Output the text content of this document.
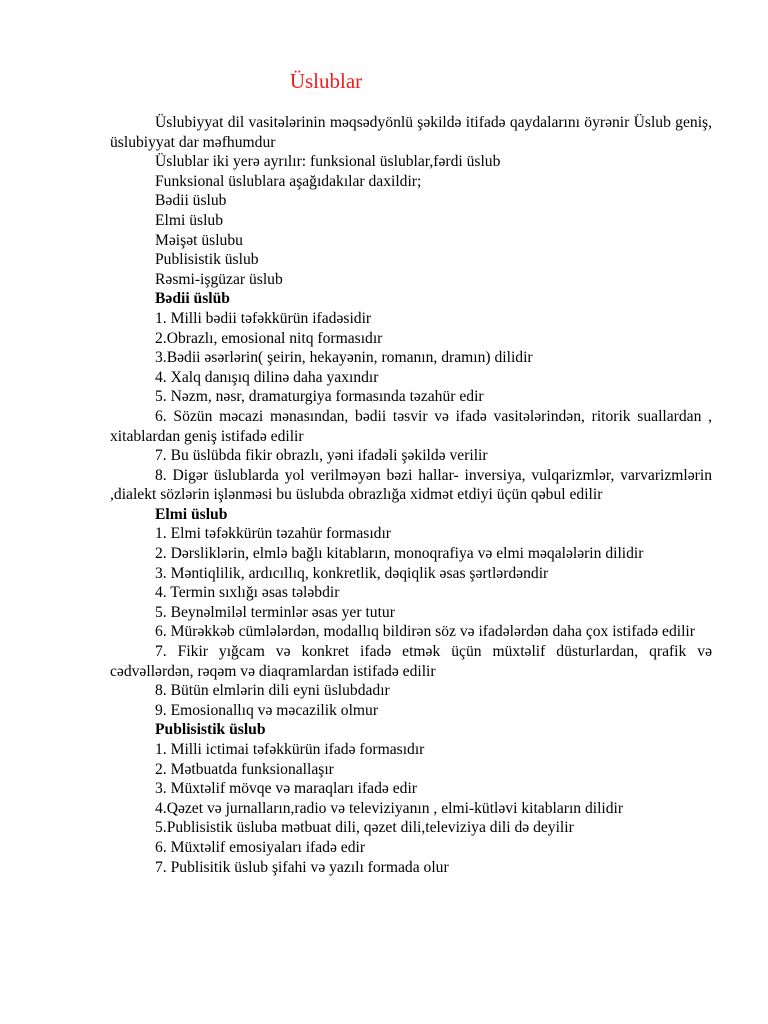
Üslublar

Üslubiyyat dil vasitələrinin məqsədyönlü şəkildə itifadə qaydalarını öyrənir Üslub geniş, üslubiyyat dar məfhumdur

Üslublar iki yerə ayrılır: funksional üslublar,fərdi üslub

Funksional üslublara aşağıdakılar daxildir;

Bədii üslub

Elmi üslub

Məişət üslubu

Publisistik üslub

Rəsmi-işgüzar üslub

Bədii üslüb

1. Milli bədii təfəkkürün ifadəsidir

2.Obrazlı, emosional nitq formasıdır

3.Bədii əsərlərin( şeirin, hekayənin, romanın, dramın) dilidir

4. Xalq danışıq dilinə daha yaxındır

5. Nəzm, nəsr, dramaturgiya formasında təzahür edir

6. Sözün məcazi mənasından, bədii təsvir və ifadə vasitələrindən, ritorik suallardan , xitablardan geniş istifadə edilir

7. Bu üslübda fikir obrazlı, yəni ifadəli şəkildə verilir

8. Digər üslublarda yol verilməyən bəzi hallar- inversiya, vulqarizmlər, varvarizmlərin ,dialekt sözlərin işlənməsi bu üslubda obrazlığa xidmət etdiyi üçün qəbul edilir

Elmi üslub

1. Elmi təfəkkürün təzahür formasıdır

2. Dərsliklərin, elmlə bağlı kitabların, monoqrafiya və elmi məqalələrin dilidir

3. Məntiqlilik, ardıcıllıq, konkretlik, dəqiqlik əsas şərtlərdəndir

4. Termin sıxlığı əsas tələbdir

5. Beynəlmiləl terminlər əsas yer tutur

6. Mürəkkəb cümlələrdən, modallıq bildirən söz və ifadələrdən daha çox istifadə edilir

7. Fikir yığcam və konkret ifadə etmək üçün müxtəlif düsturlardan, qrafik və cədvəllərdən, rəqəm və diaqramlardan istifadə edilir

8. Bütün elmlərin dili eyni üslubdadır

9. Emosionallıq və məcazilik olmur

Publisistik üslub

1. Milli ictimai təfəkkürün ifadə formasıdır

2. Mətbuatda funksionallaşır

3. Müxtəlif mövqe və maraqları ifadə edir

4.Qəzet və jurnalların,radio və televiziyanın , elmi-kütləvi kitabların dilidir

5.Publisistik üsluba mətbuat dili, qəzet dili,televiziya dili də deyilir

6. Müxtəlif emosiyaları ifadə edir

7. Publisitik üslub şifahi və yazılı formada olur
